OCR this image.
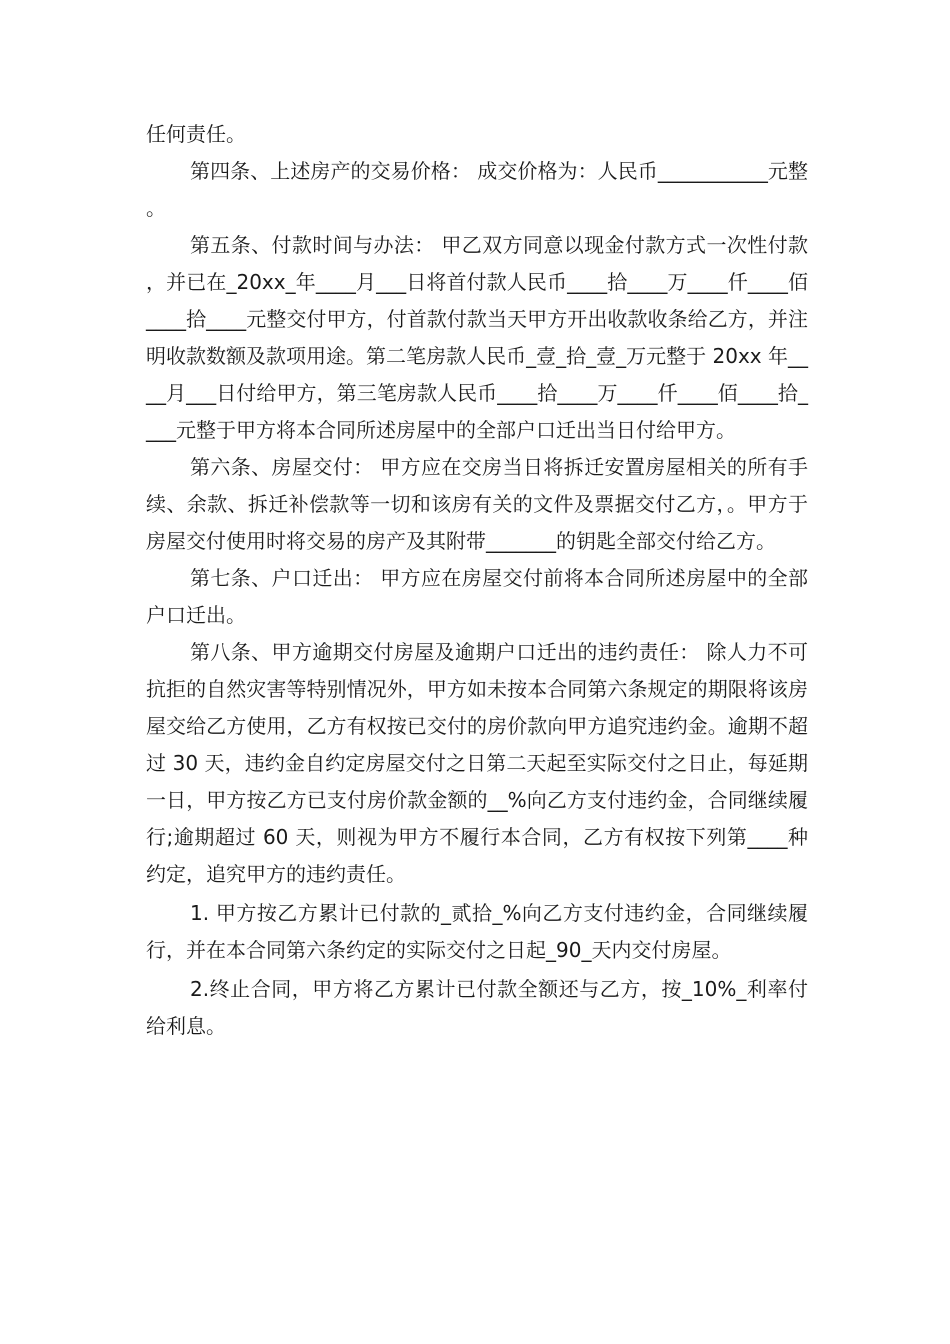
任何责任。

第四条、上述房产的交易价格： 成交价格为：人民币___________元整。

第五条、付款时间与办法： 甲乙双方同意以现金付款方式一次性付款，并已在_20xx_年____月___日将首付款人民币____拾____万____仟____佰____拾____元整交付甲方，付首款付款当天甲方开出收款收条给乙方，并注明收款数额及款项用途。第二笔房款人民币_壹_拾_壹_万元整于 20xx 年____月___日付给甲方，第三笔房款人民币____拾____万____仟____佰____拾____元整于甲方将本合同所述房屋中的全部户口迁出当日付给甲方。

第六条、房屋交付： 甲方应在交房当日将拆迁安置房屋相关的所有手续、余款、拆迁补偿款等一切和该房有关的文件及票据交付乙方，。甲方于房屋交付使用时将交易的房产及其附带_______的钥匙全部交付给乙方。

第七条、户口迁出： 甲方应在房屋交付前将本合同所述房屋中的全部户口迁出。

第八条、甲方逾期交付房屋及逾期户口迁出的违约责任： 除人力不可抗拒的自然灾害等特别情况外，甲方如未按本合同第六条规定的期限将该房屋交给乙方使用，乙方有权按已交付的房价款向甲方追究违约金。逾期不超过 30 天，违约金自约定房屋交付之日第二天起至实际交付之日止，每延期一日，甲方按乙方已支付房价款金额的__%向乙方支付违约金，合同继续履行;逾期超过 60 天，则视为甲方不履行本合同，乙方有权按下列第____种约定，追究甲方的违约责任。

1. 甲方按乙方累计已付款的_贰拾_%向乙方支付违约金，合同继续履行，并在本合同第六条约定的实际交付之日起_90_天内交付房屋。

2.终止合同，甲方将乙方累计已付款全额还与乙方，按_10%_利率付给利息。
